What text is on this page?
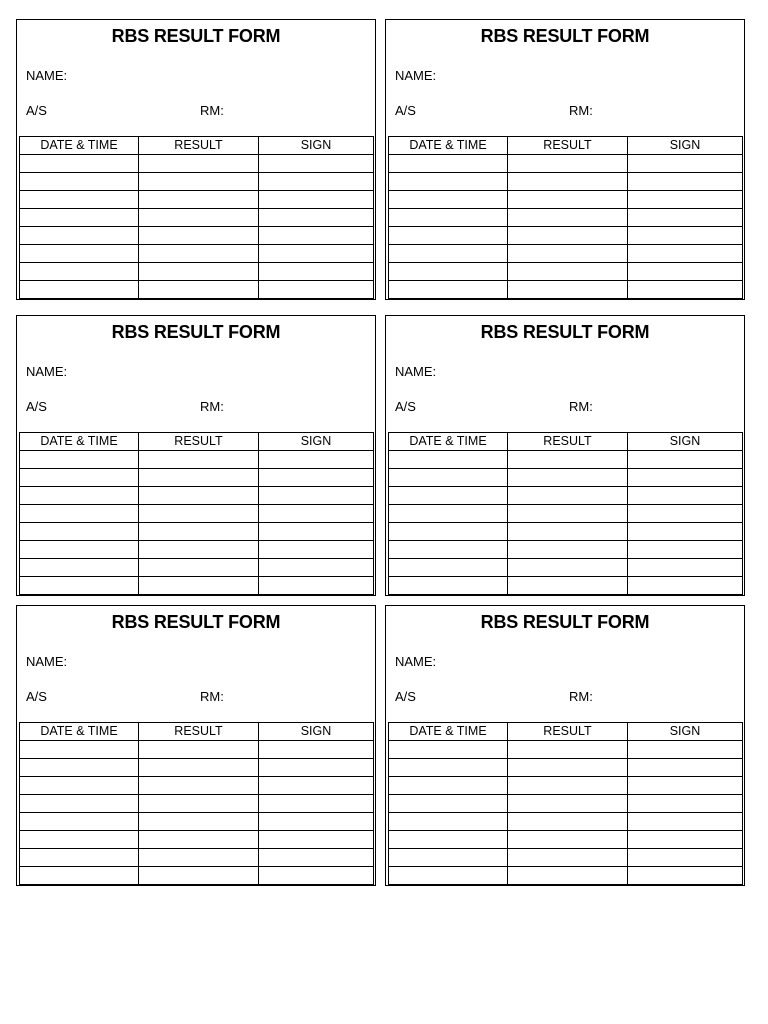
RBS RESULT FORM
NAME:
A/S	RM:
DATE & TIME	RESULT	SIGN

RBS RESULT FORM
NAME:
A/S	RM:
DATE & TIME	RESULT	SIGN

RBS RESULT FORM
NAME:
A/S	RM:
DATE & TIME	RESULT	SIGN

RBS RESULT FORM
NAME:
A/S	RM:
DATE & TIME	RESULT	SIGN

RBS RESULT FORM
NAME:
A/S	RM:
DATE & TIME	RESULT	SIGN

RBS RESULT FORM
NAME:
A/S	RM:
DATE & TIME	RESULT	SIGN
